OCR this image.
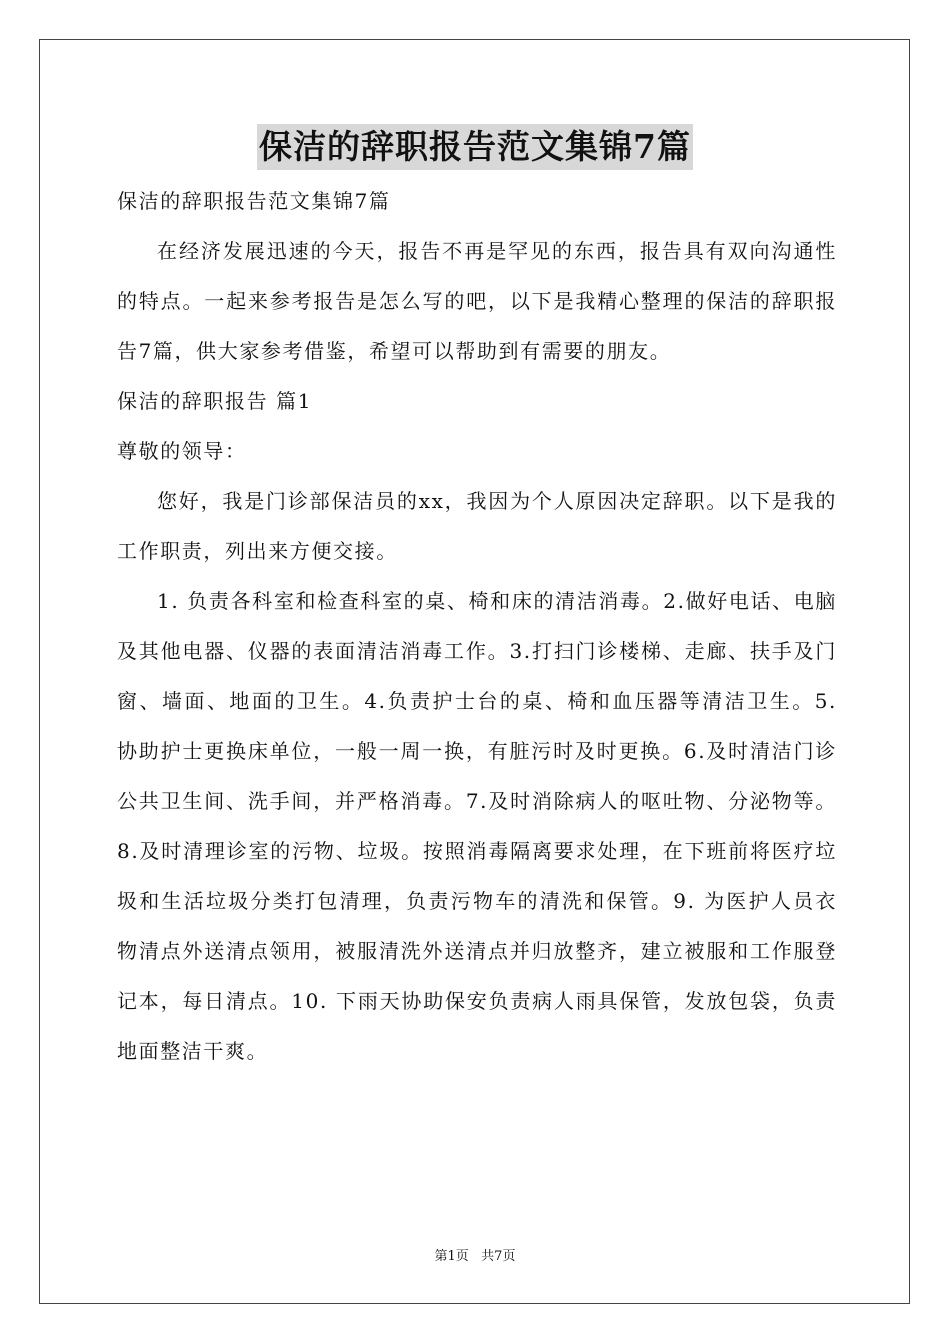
保洁的辞职报告范文集锦7篇

保洁的辞职报告范文集锦7篇

在经济发展迅速的今天，报告不再是罕见的东西，报告具有双向沟通性的特点。一起来参考报告是怎么写的吧，以下是我精心整理的保洁的辞职报告7篇，供大家参考借鉴，希望可以帮助到有需要的朋友。

保洁的辞职报告 篇1

尊敬的领导：

您好，我是门诊部保洁员的xx，我因为个人原因决定辞职。以下是我的工作职责，列出来方便交接。

1. 负责各科室和检查科室的桌、椅和床的清洁消毒。2.做好电话、电脑及其他电器、仪器的表面清洁消毒工作。3.打扫门诊楼梯、走廊、扶手及门窗、墙面、地面的卫生。4.负责护士台的桌、椅和血压器等清洁卫生。5. 协助护士更换床单位，一般一周一换，有脏污时及时更换。6.及时清洁门诊公共卫生间、洗手间，并严格消毒。7.及时消除病人的呕吐物、分泌物等。8.及时清理诊室的污物、垃圾。按照消毒隔离要求处理，在下班前将医疗垃圾和生活垃圾分类打包清理，负责污物车的清洗和保管。9. 为医护人员衣物清点外送清点领用，被服清洗外送清点并归放整齐，建立被服和工作服登记本，每日清点。10. 下雨天协助保安负责病人雨具保管，发放包袋，负责地面整洁干爽。

第1页   共7页
